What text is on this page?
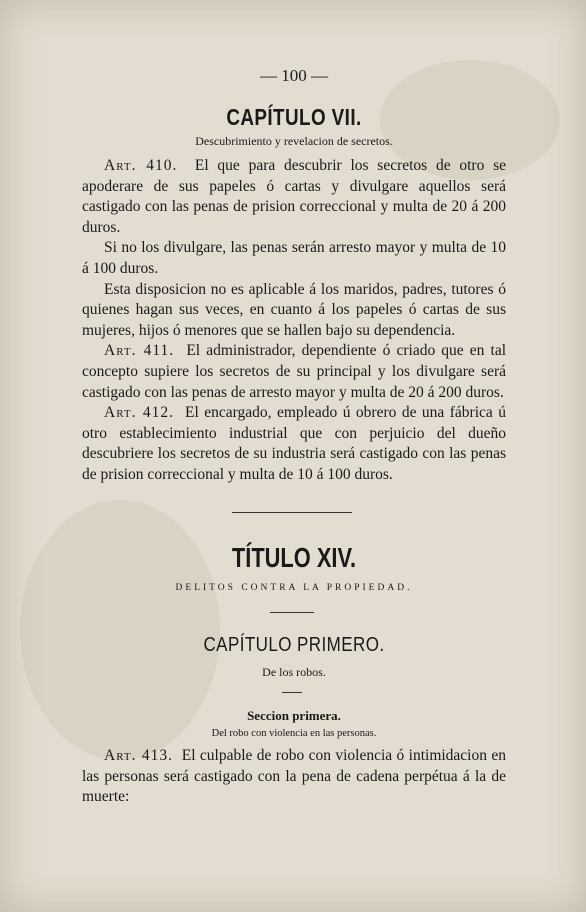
— 100 —
CAPÍTULO VII.
Descubrimiento y revelacion de secretos.

Art. 410. El que para descubrir los secretos de otro se apoderare de sus papeles ó cartas y divulgare aquellos será castigado con las penas de prision correccional y multa de 20 á 200 duros.

Si no los divulgare, las penas serán arresto mayor y multa de 10 á 100 duros.

Esta disposicion no es aplicable á los maridos, padres, tutores ó quienes hagan sus veces, en cuanto á los papeles ó cartas de sus mujeres, hijos ó menores que se hallen bajo su dependencia.

Art. 411. El administrador, dependiente ó criado que en tal concepto supiere los secretos de su principal y los divulgare será castigado con las penas de arresto mayor y multa de 20 á 200 duros.

Art. 412. El encargado, empleado ú obrero de una fábrica ú otro establecimiento industrial que con perjuicio del dueño descubriere los secretos de su industria será castigado con las penas de prision correccional y multa de 10 á 100 duros.

TÍTULO XIV.
DELITOS CONTRA LA PROPIEDAD.
CAPÍTULO PRIMERO.
De los robos.
Seccion primera.
Del robo con violencia en las personas.

Art. 413. El culpable de robo con violencia ó intimidacion en las personas será castigado con la pena de cadena perpétua á la de muerte:
